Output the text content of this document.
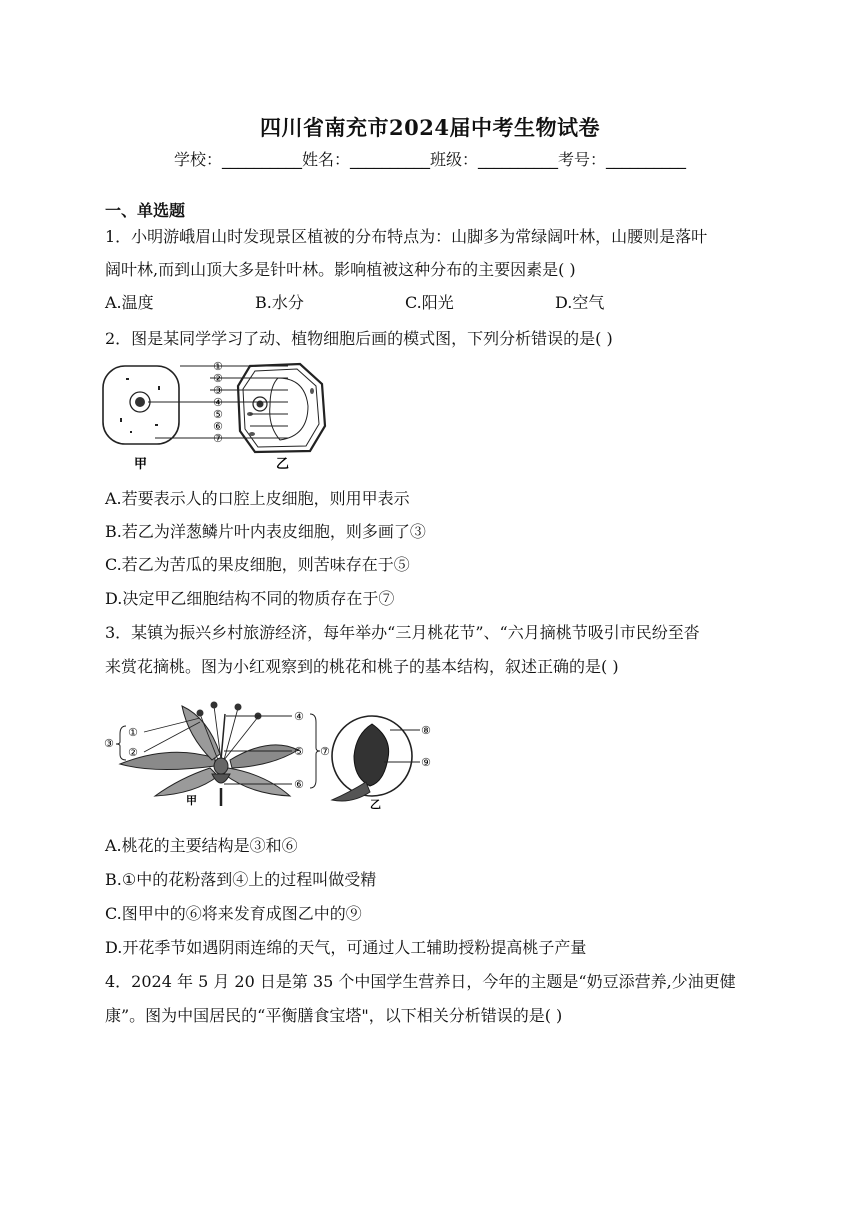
四川省南充市2024届中考生物试卷
学校：__________姓名：__________班级：__________考号：__________
一、单选题
1．小明游峨眉山时发现景区植被的分布特点为：山脚多为常绿阔叶林，山腰则是落叶
阔叶林,而到山顶大多是针叶林。影响植被这种分布的主要因素是( )
A.温度	B.水分	C.阳光	D.空气
2．图是某同学学习了动、植物细胞后画的模式图，下列分析错误的是( )
①
②
③
④
⑤
⑥
⑦
甲	乙
A.若要表示人的口腔上皮细胞，则用甲表示
B.若乙为洋葱鳞片叶内表皮细胞，则多画了③
C.若乙为苦瓜的果皮细胞，则苦味存在于⑤
D.决定甲乙细胞结构不同的物质存在于⑦
3．某镇为振兴乡村旅游经济，每年举办“三月桃花节”、“六月摘桃节吸引市民纷至沓
来赏花摘桃。图为小红观察到的桃花和桃子的基本结构，叙述正确的是( )
①
②
③
④
⑤
⑥
⑦
甲
⑧
⑨
乙
A.桃花的主要结构是③和⑥
B.①中的花粉落到④上的过程叫做受精
C.图甲中的⑥将来发育成图乙中的⑨
D.开花季节如遇阴雨连绵的天气，可通过人工辅助授粉提高桃子产量
4．2024 年 5 月 20 日是第 35 个中国学生营养日，今年的主题是“奶豆添营养,少油更健
康”。图为中国居民的“平衡膳食宝塔"，以下相关分析错误的是( )
